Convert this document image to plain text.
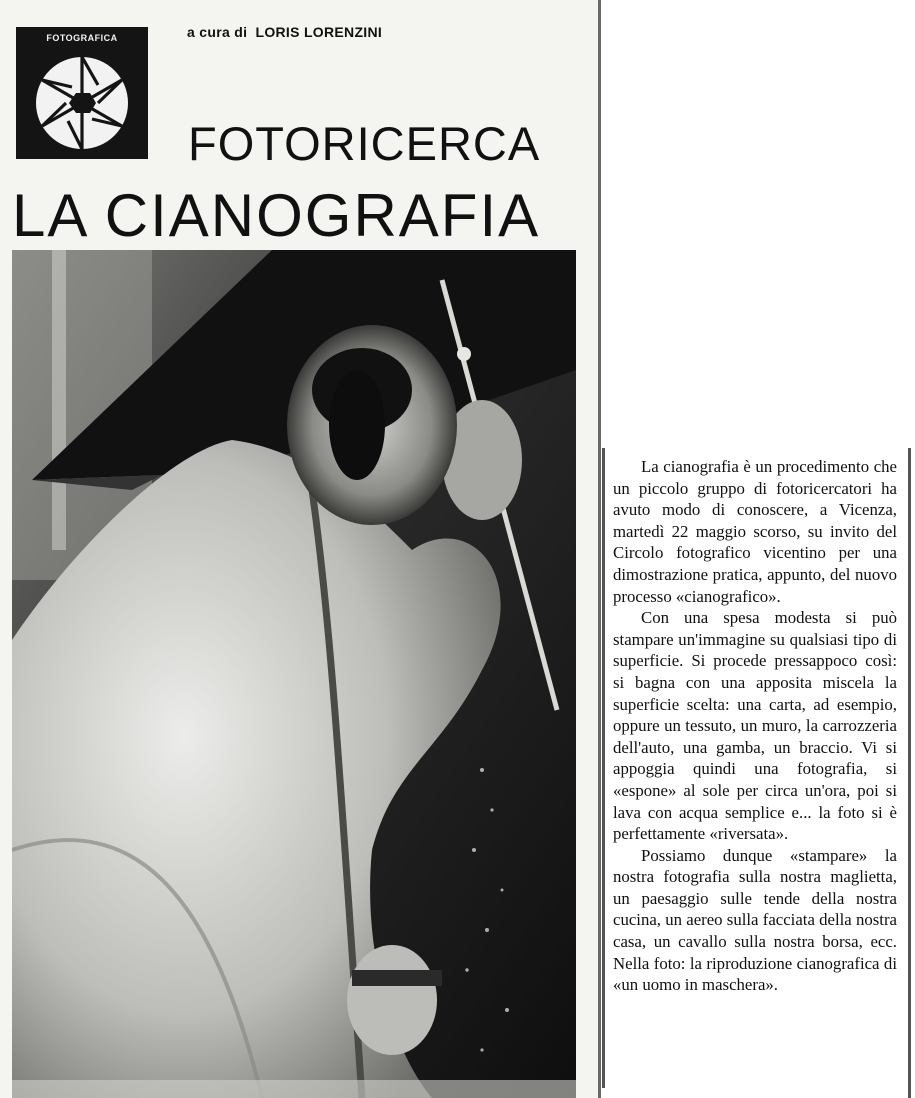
FOTOGRAFICA	a cura di LORIS LORENZINI
FOTORICERCA
LA CIANOGRAFIA

La cianografia è un procedimento che un piccolo gruppo di fotoricercatori ha avuto modo di conoscere, a Vicenza, martedì 22 maggio scorso, su invito del Circolo fotografico vicentino per una dimostrazione pratica, appunto, del nuovo processo «cianografico».

Con una spesa modesta si può stampare un'immagine su qualsiasi tipo di superficie. Si procede pressappoco così: si bagna con una apposita miscela la superficie scelta: una carta, ad esempio, oppure un tessuto, un muro, la carrozzeria dell'auto, una gamba, un braccio. Vi si appoggia quindi una fotografia, si «espone» al sole per circa un'ora, poi si lava con acqua semplice e... la foto si è perfettamente «riversata».

Possiamo dunque «stampare» la nostra fotografia sulla nostra maglietta, un paesaggio sulle tende della nostra cucina, un aereo sulla facciata della nostra casa, un cavallo sulla nostra borsa, ecc. Nella foto: la riproduzione cianografica di «un uomo in maschera».
